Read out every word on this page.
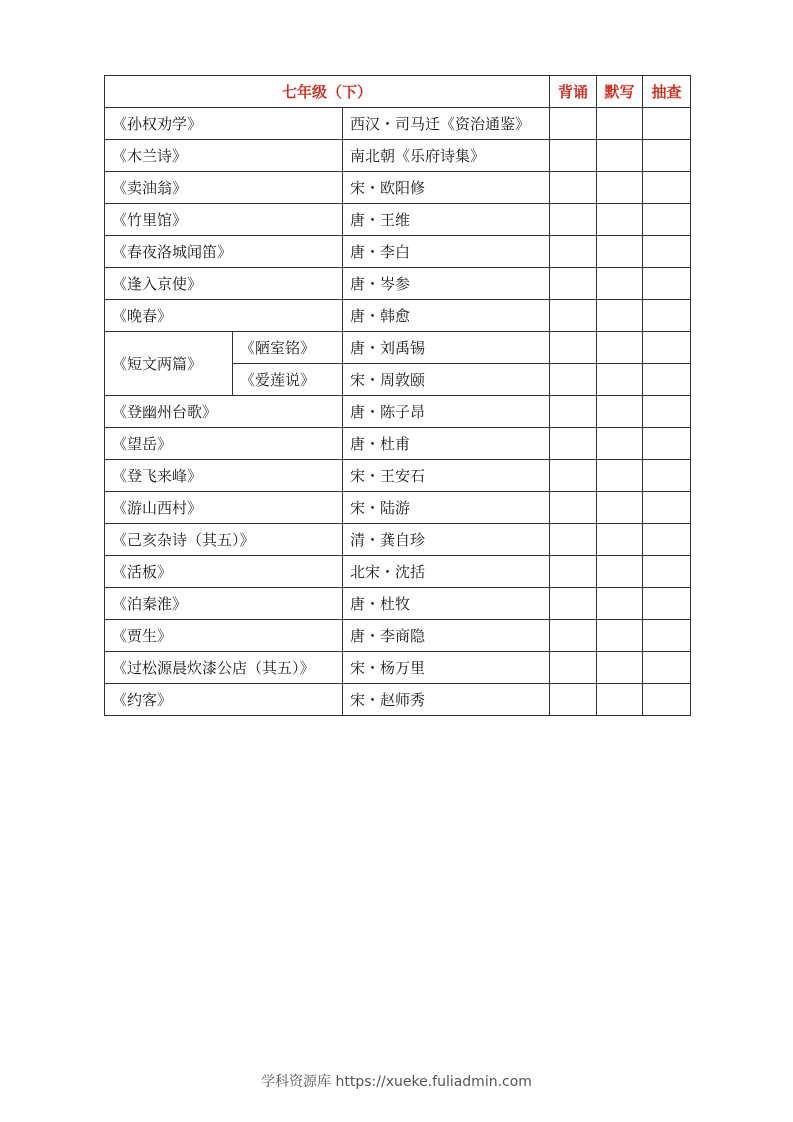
七年级（下）			背诵	默写	抽查
《孙权劝学》		西汉・司马迁《资治通鉴》			
《木兰诗》		南北朝《乐府诗集》			
《卖油翁》		宋・欧阳修			
《竹里馆》		唐・王维			
《春夜洛城闻笛》		唐・李白			
《逢入京使》		唐・岑参			
《晚春》		唐・韩愈			
《短文两篇》	《陋室铭》	唐・刘禹锡			
	《爱莲说》	宋・周敦颐			
《登幽州台歌》		唐・陈子昂			
《望岳》		唐・杜甫			
《登飞来峰》		宋・王安石			
《游山西村》		宋・陆游			
《己亥杂诗（其五）》		清・龚自珍			
《活板》		北宋・沈括			
《泊秦淮》		唐・杜牧			
《贾生》		唐・李商隐			
《过松源晨炊漆公店（其五）》		宋・杨万里			
《约客》		宋・赵师秀			
学科资源库 https://xueke.fuliadmin.com
